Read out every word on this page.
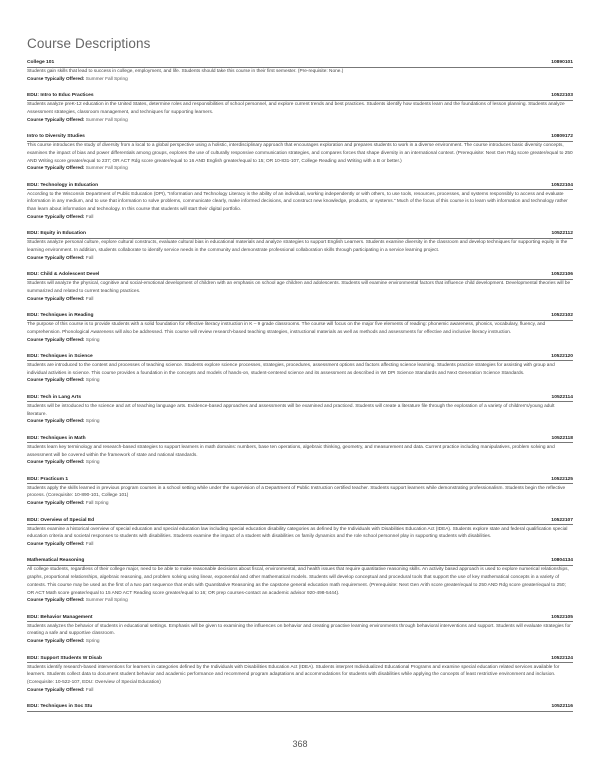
Course Descriptions
College 101	10890101
Students gain skills that lead to success in college, employment, and life. Students should take this course in their first semester. (Pre-requisite: None.)
Course Typically Offered: Summer Fall Spring
EDU: Intro to Educ Practices	10522103
Students analyze preK-12 education in the United States, determine roles and responsibilities of school personnel, and explore current trends and best practices. Students identify how students learn and the foundations of lesson planning. Students analyze Assessment strategies, classroom management, and techniques for supporting learners.
Course Typically Offered: Summer Fall Spring
Intro to Diversity Studies	10809172
This course introduces the study of diversity from a local to a global perspective using a holistic, interdisciplinary approach that encourages exploration and prepares students to work in a diverse environment. The course introduces basic diversity concepts, examines the impact of bias and power differentials among groups, explores the use of culturally responsive communication strategies, and compares forces that shape diversity in an international context. (Prerequisite: Next Gen Rdg score greater/equal to 250 AND Writing score greater/equal to 237; OR ACT Rdg score greater/equal to 16 AND English greater/equal to 15; OR 10-831-107, College Reading and Writing with a B or better.)
Course Typically Offered: Summer Fall Spring
EDU: Technology in Education	10522104
According to the Wisconsin Department of Public Education (DPI), "Information and Technology Literacy is the ability of an individual, working independently or with others, to use tools, resources, processes, and systems responsibly to access and evaluate information in any medium, and to use that information to solve problems, communicate clearly, make informed decisions, and construct new knowledge, products, or systems." Much of the focus of this course is to learn with information and technology rather than learn about information and technology. In this course that students will start their digital portfolio.
Course Typically Offered: Fall
EDU: Equity in Education	10522112
Students analyze personal culture, explore cultural constructs, evaluate cultural bias in educational materials and analyze strategies to support English Learners. Students examine diversity in the classroom and develop techniques for supporting equity in the learning environment. In addition, students collaborate to identify service needs in the community and demonstrate professional collaboration skills through participating in a service learning project.
Course Typically Offered: Fall
EDU: Child & Adolescent Devel	10522106
Students will analyze the physical, cognitive and social-emotional development of children with an emphasis on school age children and adolescents. Students will examine environmental factors that influence child development. Developmental theories will be summarized and related to current teaching practices.
Course Typically Offered: Fall
EDU: Techniques in Reading	10522102
The purpose of this course is to provide students with a solid foundation for effective literacy instruction in K – 9 grade classrooms. The course will focus on the major five elements of reading: phonemic awareness, phonics, vocabulary, fluency, and comprehension. Phonological Awareness will also be addressed. This course will review research-based teaching strategies, instructional materials as well as methods and assessments for effective and inclusive literacy instruction.
Course Typically Offered: Spring
EDU: Techniques in Science	10522120
Students are introduced to the content and processes of teaching science. Students explore science processes, strategies, procedures, assessment options and factors affecting science learning. Students practice strategies for assisting with group and individual activities in science. This course provides a foundation in the concepts and models of hands-on, student-centered science and its assessment as described in WI DPI Science Standards and Next Generation Science Standards.
Course Typically Offered: Spring
EDU: Tech in Lang Arts	10522114
Students will be introduced to the science and art of teaching language arts. Evidence-based approaches and assessments will be examined and practiced. Students will create a literature file through the exploration of a variety of children's/young adult literature.
Course Typically Offered: Spring
EDU: Techniques in Math	10522118
Students learn key terminology and research-based strategies to support learners in math domains: numbers, base ten operations, algebraic thinking, geometry, and measurement and data. Current practice including manipulatives, problem solving and assessment will be covered within the framework of state and national standards.
Course Typically Offered: Spring
EDU: Practicum 1	10522125
Students apply the skills learned in previous program courses in a school setting while under the supervision of a Department of Public Instruction certified teacher. Students support learners while demonstrating professionalism. Students begin the reflective process. (Corequisite: 10-890-101, College 101)
Course Typically Offered: Fall Spring
EDU: Overview of Special Ed	10522107
Students examine a historical overview of special education and special education law including special education disability categories as defined by the Individuals with Disabilities Education Act (IDEA). Students explore state and federal qualification special education criteria and societal responses to students with disabilities. Students examine the impact of a student with disabilities on family dynamics and the role school personnel play in supporting students with disabilities.
Course Typically Offered: Fall
Mathematical Reasoning	10804134
All college students, regardless of their college major, need to be able to make reasonable decisions about fiscal, environmental, and health issues that require quantitative reasoning skills. An activity based approach is used to explore numerical relationships, graphs, proportional relationships, algebraic reasoning, and problem solving using linear, exponential and other mathematical models. Students will develop conceptual and procedural tools that support the use of key mathematical concepts in a variety of contexts. This course may be used as the first of a two part sequence that ends with Quantitative Reasoning as the capstone general education math requirement. (Prerequisite: Next Gen Arith score greater/equal to 250 AND Rdg score greater/equal to 250; OR ACT Math score greater/equal to 15 AND ACT Reading score greater/equal to 16; OR prep courses-contact an academic advisor 920-498-5444).
Course Typically Offered: Summer Fall Spring
EDU: Behavior Management	10522105
Students analyzes the behavior of students in educational settings. Emphasis will be given to examining the influences on behavior and creating proactive learning environments through behavioral interventions and support. Students will evaluate strategies for creating a safe and supportive classroom.
Course Typically Offered: Spring
EDU: Support Students W Disab	10522124
Students identify research-based interventions for learners in categories defined by the Individuals with Disabilities Education Act (IDEA). Students interpret Individualized Educational Programs and examine special education related services available for learners. Students collect data to document student behavior and academic performance and recommend program adaptations and accommodations for students with disabilities while applying the concepts of least restrictive environment and inclusion. (Corequisite: 10-522-107, EDU: Overview of Special Education)
Course Typically Offered: Fall
EDU: Techniques in Soc Stu	10522116
368
